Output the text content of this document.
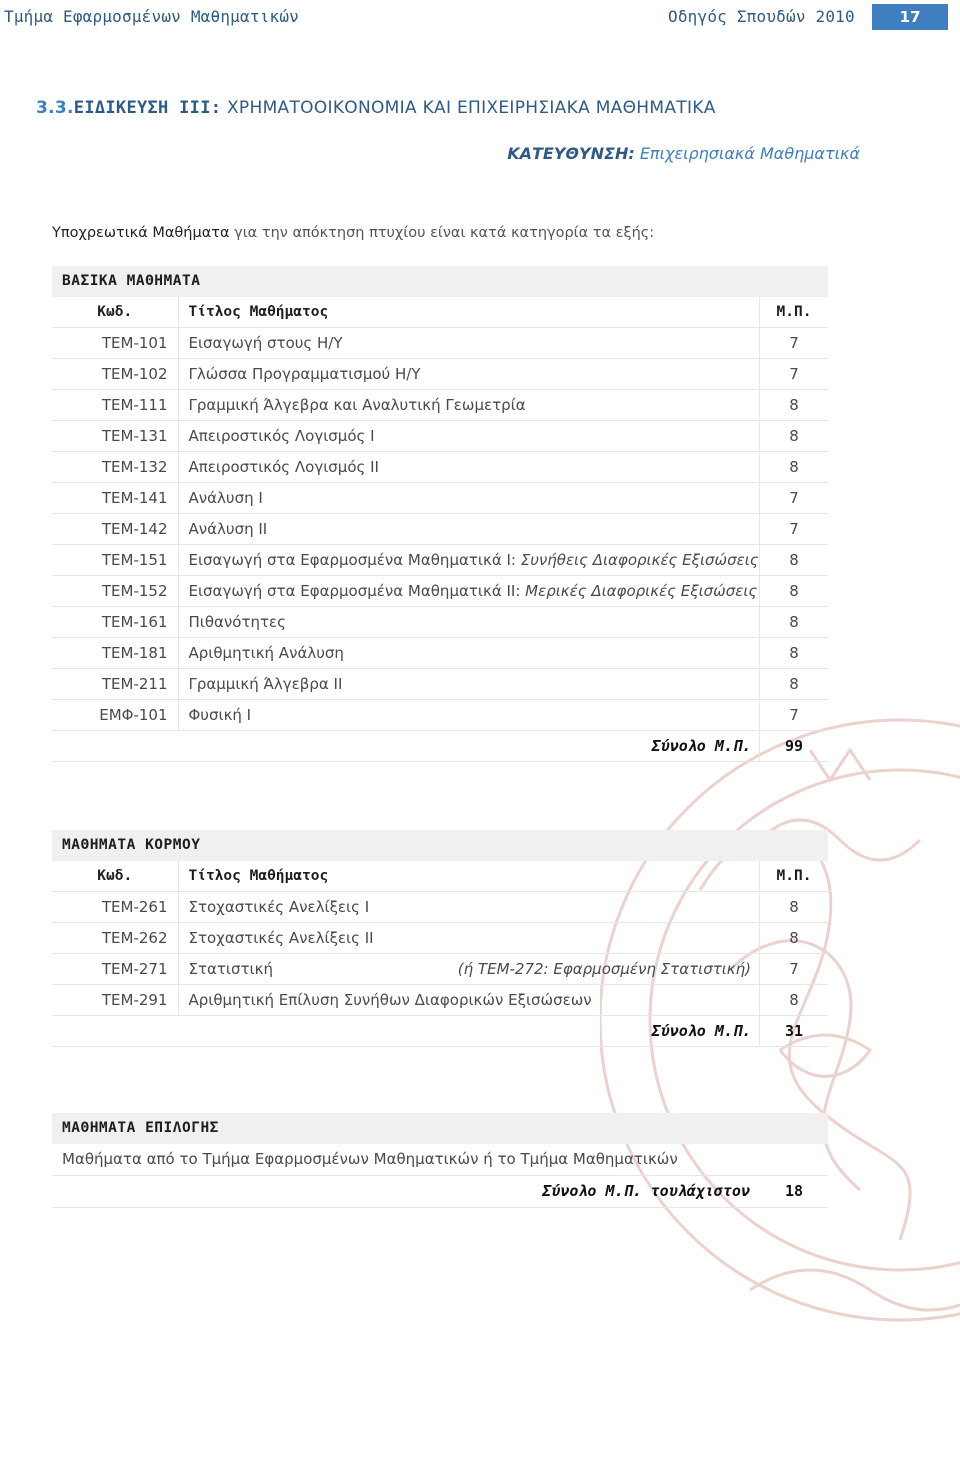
Τμήμα Εφαρμοσμένων Μαθηματικών	Οδηγός Σπουδών 2010	17
3.3.ΕΙΔΙΚΕΥΣΗ ΙΙΙ: ΧΡΗΜΑΤΟΟΙΚΟΝΟΜΙΑ ΚΑΙ ΕΠΙΧΕΙΡΗΣΙΑΚΑ ΜΑΘΗΜΑΤΙΚΑ
ΚΑΤΕΥΘΥΝΣΗ: Επιχειρησιακά Μαθηματικά
Υποχρεωτικά Μαθήματα για την απόκτηση πτυχίου είναι κατά κατηγορία τα εξής:
ΒΑΣΙΚΑ ΜΑΘΗΜΑΤΑ
Κωδ.	Τίτλος Μαθήματος	Μ.Π.
ΤΕΜ-101	Εισαγωγή στους Η/Υ	7
ΤΕΜ-102	Γλώσσα Προγραμματισμού Η/Υ	7
ΤΕΜ-111	Γραμμική Άλγεβρα και Αναλυτική Γεωμετρία	8
ΤΕΜ-131	Απειροστικός Λογισμός Ι	8
ΤΕΜ-132	Απειροστικός Λογισμός ΙΙ	8
ΤΕΜ-141	Ανάλυση Ι	7
ΤΕΜ-142	Ανάλυση ΙΙ	7
ΤΕΜ-151	Εισαγωγή στα Εφαρμοσμένα Μαθηματικά Ι: Συνήθεις Διαφορικές Εξισώσεις	8
ΤΕΜ-152	Εισαγωγή στα Εφαρμοσμένα Μαθηματικά ΙΙ: Μερικές Διαφορικές Εξισώσεις	8
ΤΕΜ-161	Πιθανότητες	8
ΤΕΜ-181	Αριθμητική Ανάλυση	8
ΤΕΜ-211	Γραμμική Άλγεβρα ΙΙ	8
ΕΜΦ-101	Φυσική Ι	7
Σύνολο Μ.Π.		99
ΜΑΘΗΜΑΤΑ ΚΟΡΜΟΥ
Κωδ.	Τίτλος Μαθήματος	Μ.Π.
ΤΕΜ-261	Στοχαστικές Ανελίξεις Ι	8
ΤΕΜ-262	Στοχαστικές Ανελίξεις ΙΙ	8
ΤΕΜ-271	Στατιστική (ή ΤΕΜ-272: Εφαρμοσμένη Στατιστική)	7
ΤΕΜ-291	Αριθμητική Επίλυση Συνήθων Διαφορικών Εξισώσεων	8
Σύνολο Μ.Π.		31
ΜΑΘΗΜΑΤΑ ΕΠΙΛΟΓΗΣ
Μαθήματα από το Τμήμα Εφαρμοσμένων Μαθηματικών ή το Τμήμα Μαθηματικών
Σύνολο Μ.Π. τουλάχιστον 18
